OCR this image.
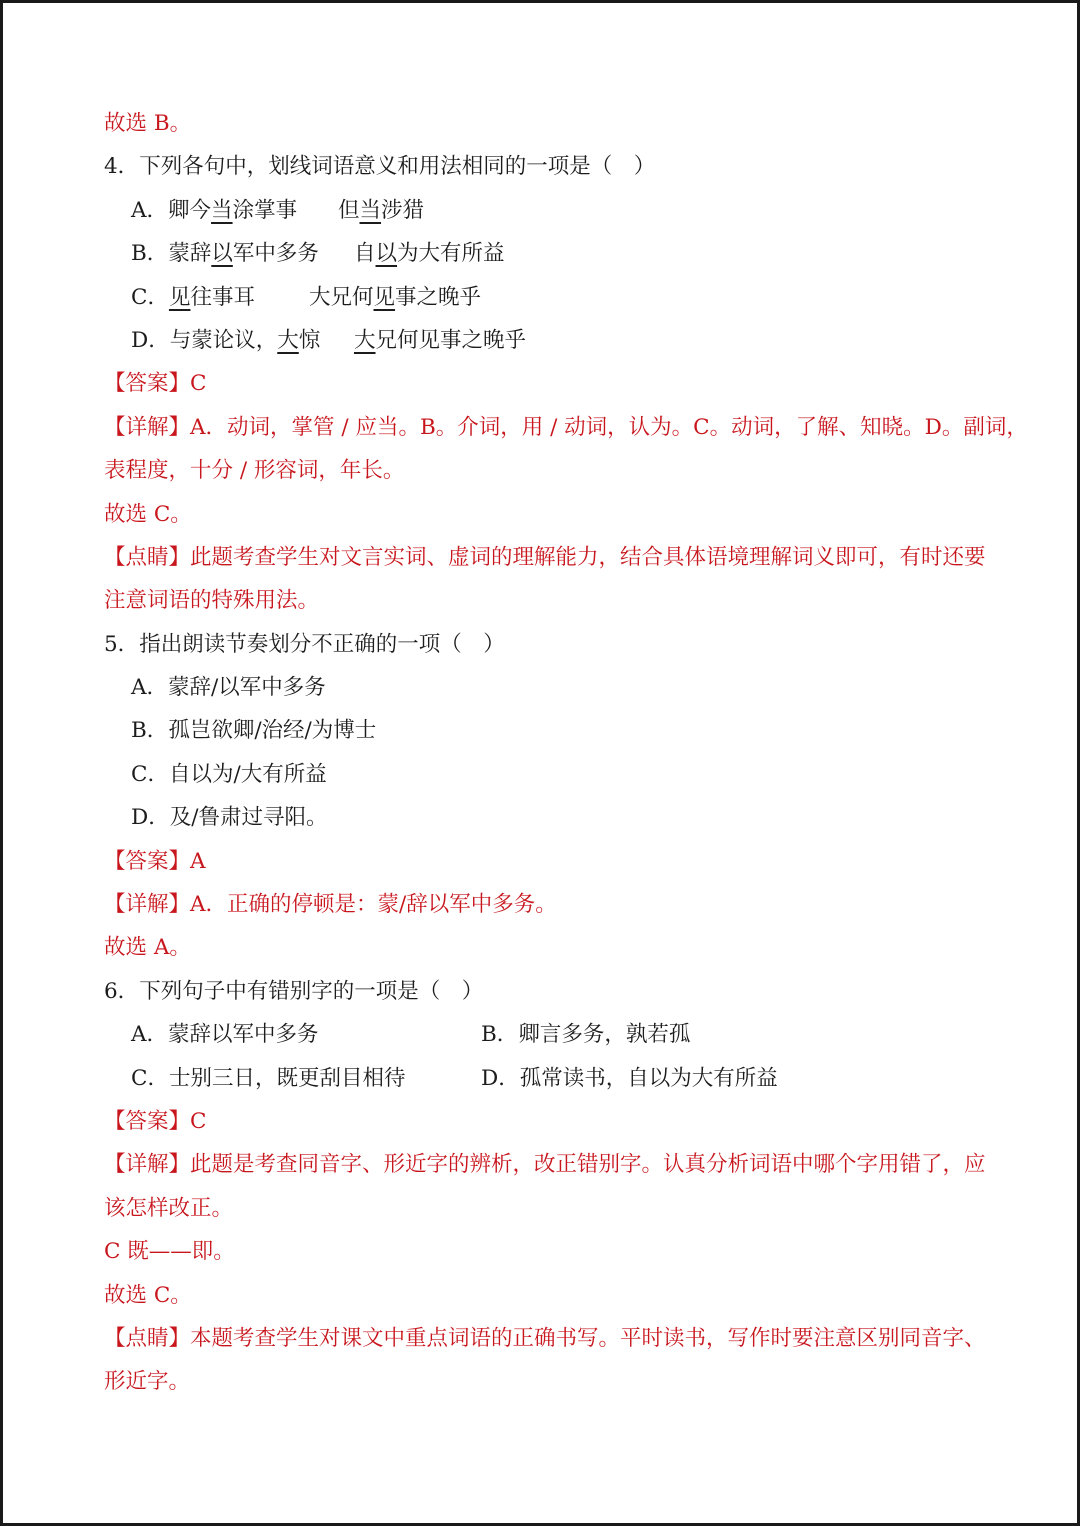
故选 B。
4．下列各句中，划线词语意义和用法相同的一项是（　）
A．卿今当涂掌事 但当涉猎
B．蒙辞以军中多务 自以为大有所益
C．见往事耳	大兄何见事之晚乎
D．与蒙论议，大惊 大兄何见事之晚乎
【答案】C
【详解】A．动词，掌管 / 应当。B。介词，用 / 动词，认为。C。动词，了解、知晓。D。副词，
表程度，十分 / 形容词，年长。
故选 C。
【点睛】此题考查学生对文言实词、虚词的理解能力，结合具体语境理解词义即可，有时还要
注意词语的特殊用法。
5．指出朗读节奏划分不正确的一项（　）
A．蒙辞/以军中多务
B．孤岂欲卿/治经/为博士
C．自以为/大有所益
D．及/鲁肃过寻阳。
【答案】A
【详解】A．正确的停顿是：蒙/辞以军中多务。
故选 A。
6．下列句子中有错别字的一项是（　）
A．蒙辞以军中多务	B．卿言多务，孰若孤
C．士别三日，既更刮目相待	D．孤常读书，自以为大有所益
【答案】C
【详解】此题是考查同音字、形近字的辨析，改正错别字。认真分析词语中哪个字用错了，应
该怎样改正。
C 既——即。
故选 C。
【点睛】本题考查学生对课文中重点词语的正确书写。平时读书，写作时要注意区别同音字、
形近字。
